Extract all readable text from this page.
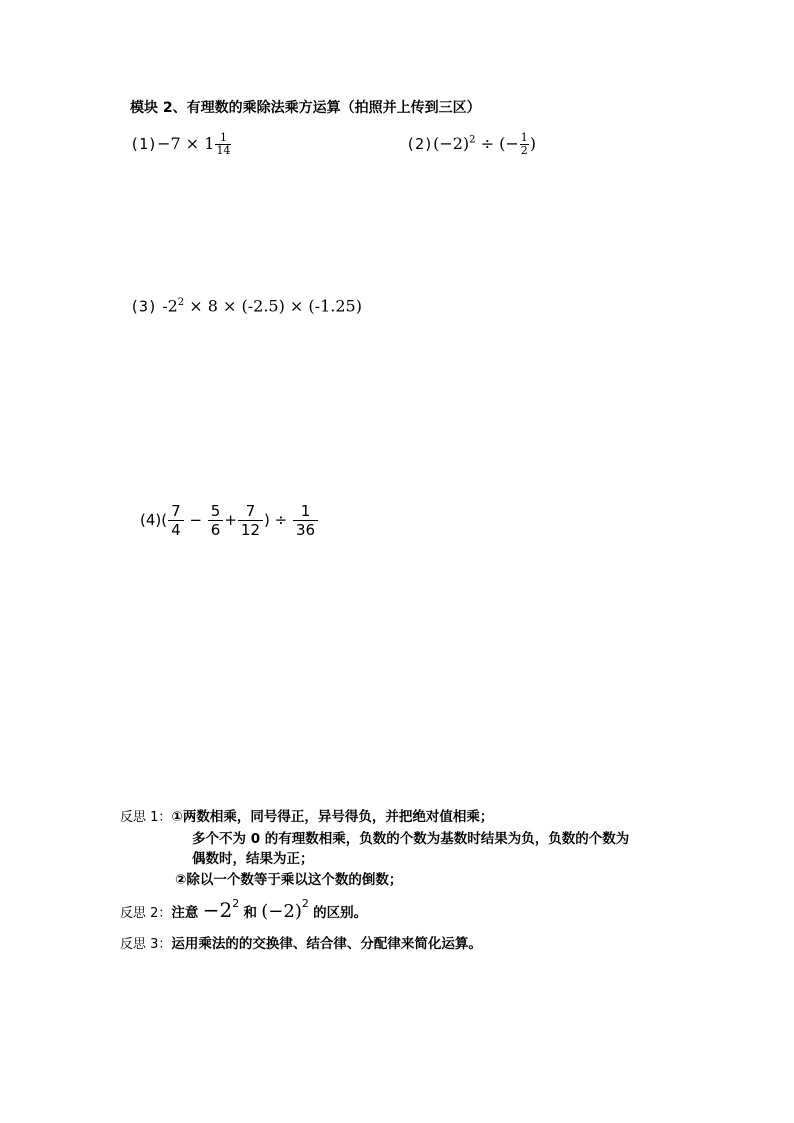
模块 2、有理数的乘除法乘方运算（拍照并上传到三区）
$(1)-7 \times 1 \frac{1}{14}$	$(2)(-2)^2$ ÷ (− $\frac{1}{2}$ )
(3) $-2^2 \times 8 \times (-2.5) \times (-1.25)$
$(4)( \frac{7}{4} - \frac{5}{6} + \frac{7}{12}$ ) ÷ $\frac{1}{36}$
反思 1：①两数相乘，同号得正，异号得负，并把绝对值相乘；
多个不为 0 的有理数相乘，负数的个数为基数时结果为负，负数的个数为
偶数时，结果为正；
②除以一个数等于乘以这个数的倒数；
反思 2：注意 $-2^2$ 和 $(-2)^2$ 的区别。
反思 3：运用乘法的的交换律、结合律、分配律来简化运算。
